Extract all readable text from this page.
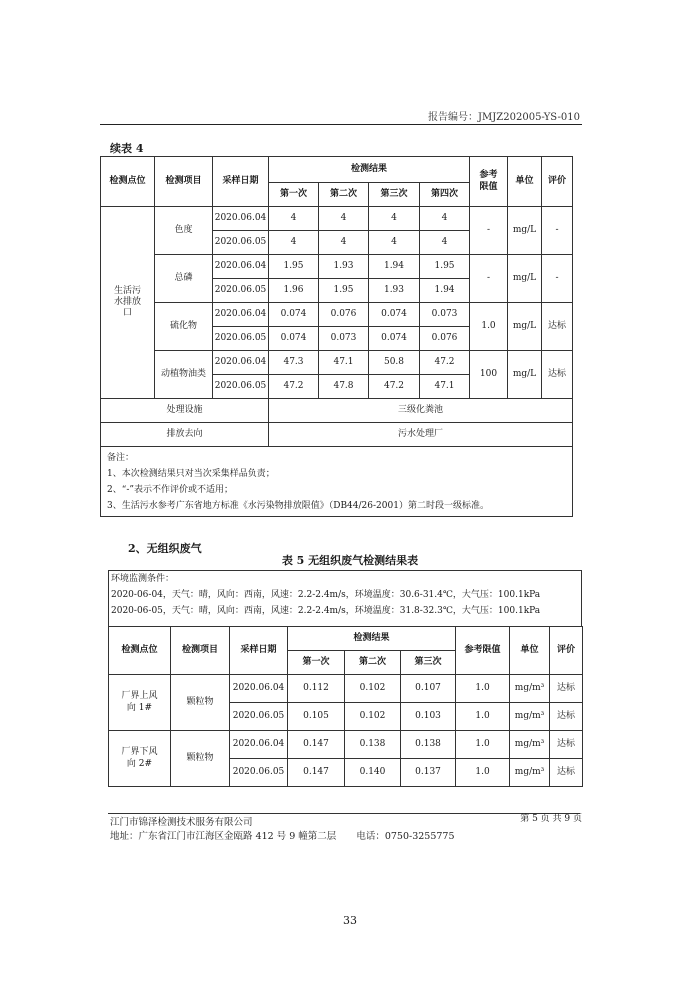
报告编号：JMJZ202005-YS-010
续表 4
检测点位	检测项目	采样日期	检测结果				参考限值	单位	评价
			第一次	第二次	第三次	第四次			
生活污水排放口	色度	2020.06.04	4	4	4	4	-	mg/L	-
		2020.06.05	4	4	4	4			
	总磷	2020.06.04	1.95	1.93	1.94	1.95	-	mg/L	-
		2020.06.05	1.96	1.95	1.93	1.94			
	硫化物	2020.06.04	0.074	0.076	0.074	0.073	1.0	mg/L	达标
		2020.06.05	0.074	0.073	0.074	0.076			
	动植物油类	2020.06.04	47.3	47.1	50.8	47.2	100	mg/L	达标
		2020.06.05	47.2	47.8	47.2	47.1			
处理设施			三级化粪池						
排放去向			污水处理厂						

备注：
1、本次检测结果只对当次采集样品负责；
2、“-”表示不作评价或不适用；
3、生活污水参考广东省地方标准《水污染物排放限值》（DB44/26-2001）第二时段一级标准。									
2、无组织废气
表 5 无组织废气检测结果表
环境监测条件：
2020-06-04，天气：晴，风向：西南，风速：2.2-2.4m/s，环境温度：30.6-31.4℃，大气压：100.1kPa
2020-06-05，天气：晴，风向：西南，风速：2.2-2.4m/s，环境温度：31.8-32.3℃，大气压：100.1kPa
检测点位	检测项目	采样日期	检测结果			参考限值	单位	评价
			第一次	第二次	第三次			
厂界上风向 1#	颗粒物	2020.06.04	0.112	0.102	0.107	1.0	mg/m³	达标
		2020.06.05	0.105	0.102	0.103	1.0	mg/m³	达标
厂界下风向 2#	颗粒物	2020.06.04	0.147	0.138	0.138	1.0	mg/m³	达标
		2020.06.05	0.147	0.140	0.137	1.0	mg/m³	达标
江门市锦泽检测技术服务有限公司	第 5 页 共 9 页
地址：广东省江门市江海区金瓯路 412 号 9 幢第二层 电话：0750-3255775
33
